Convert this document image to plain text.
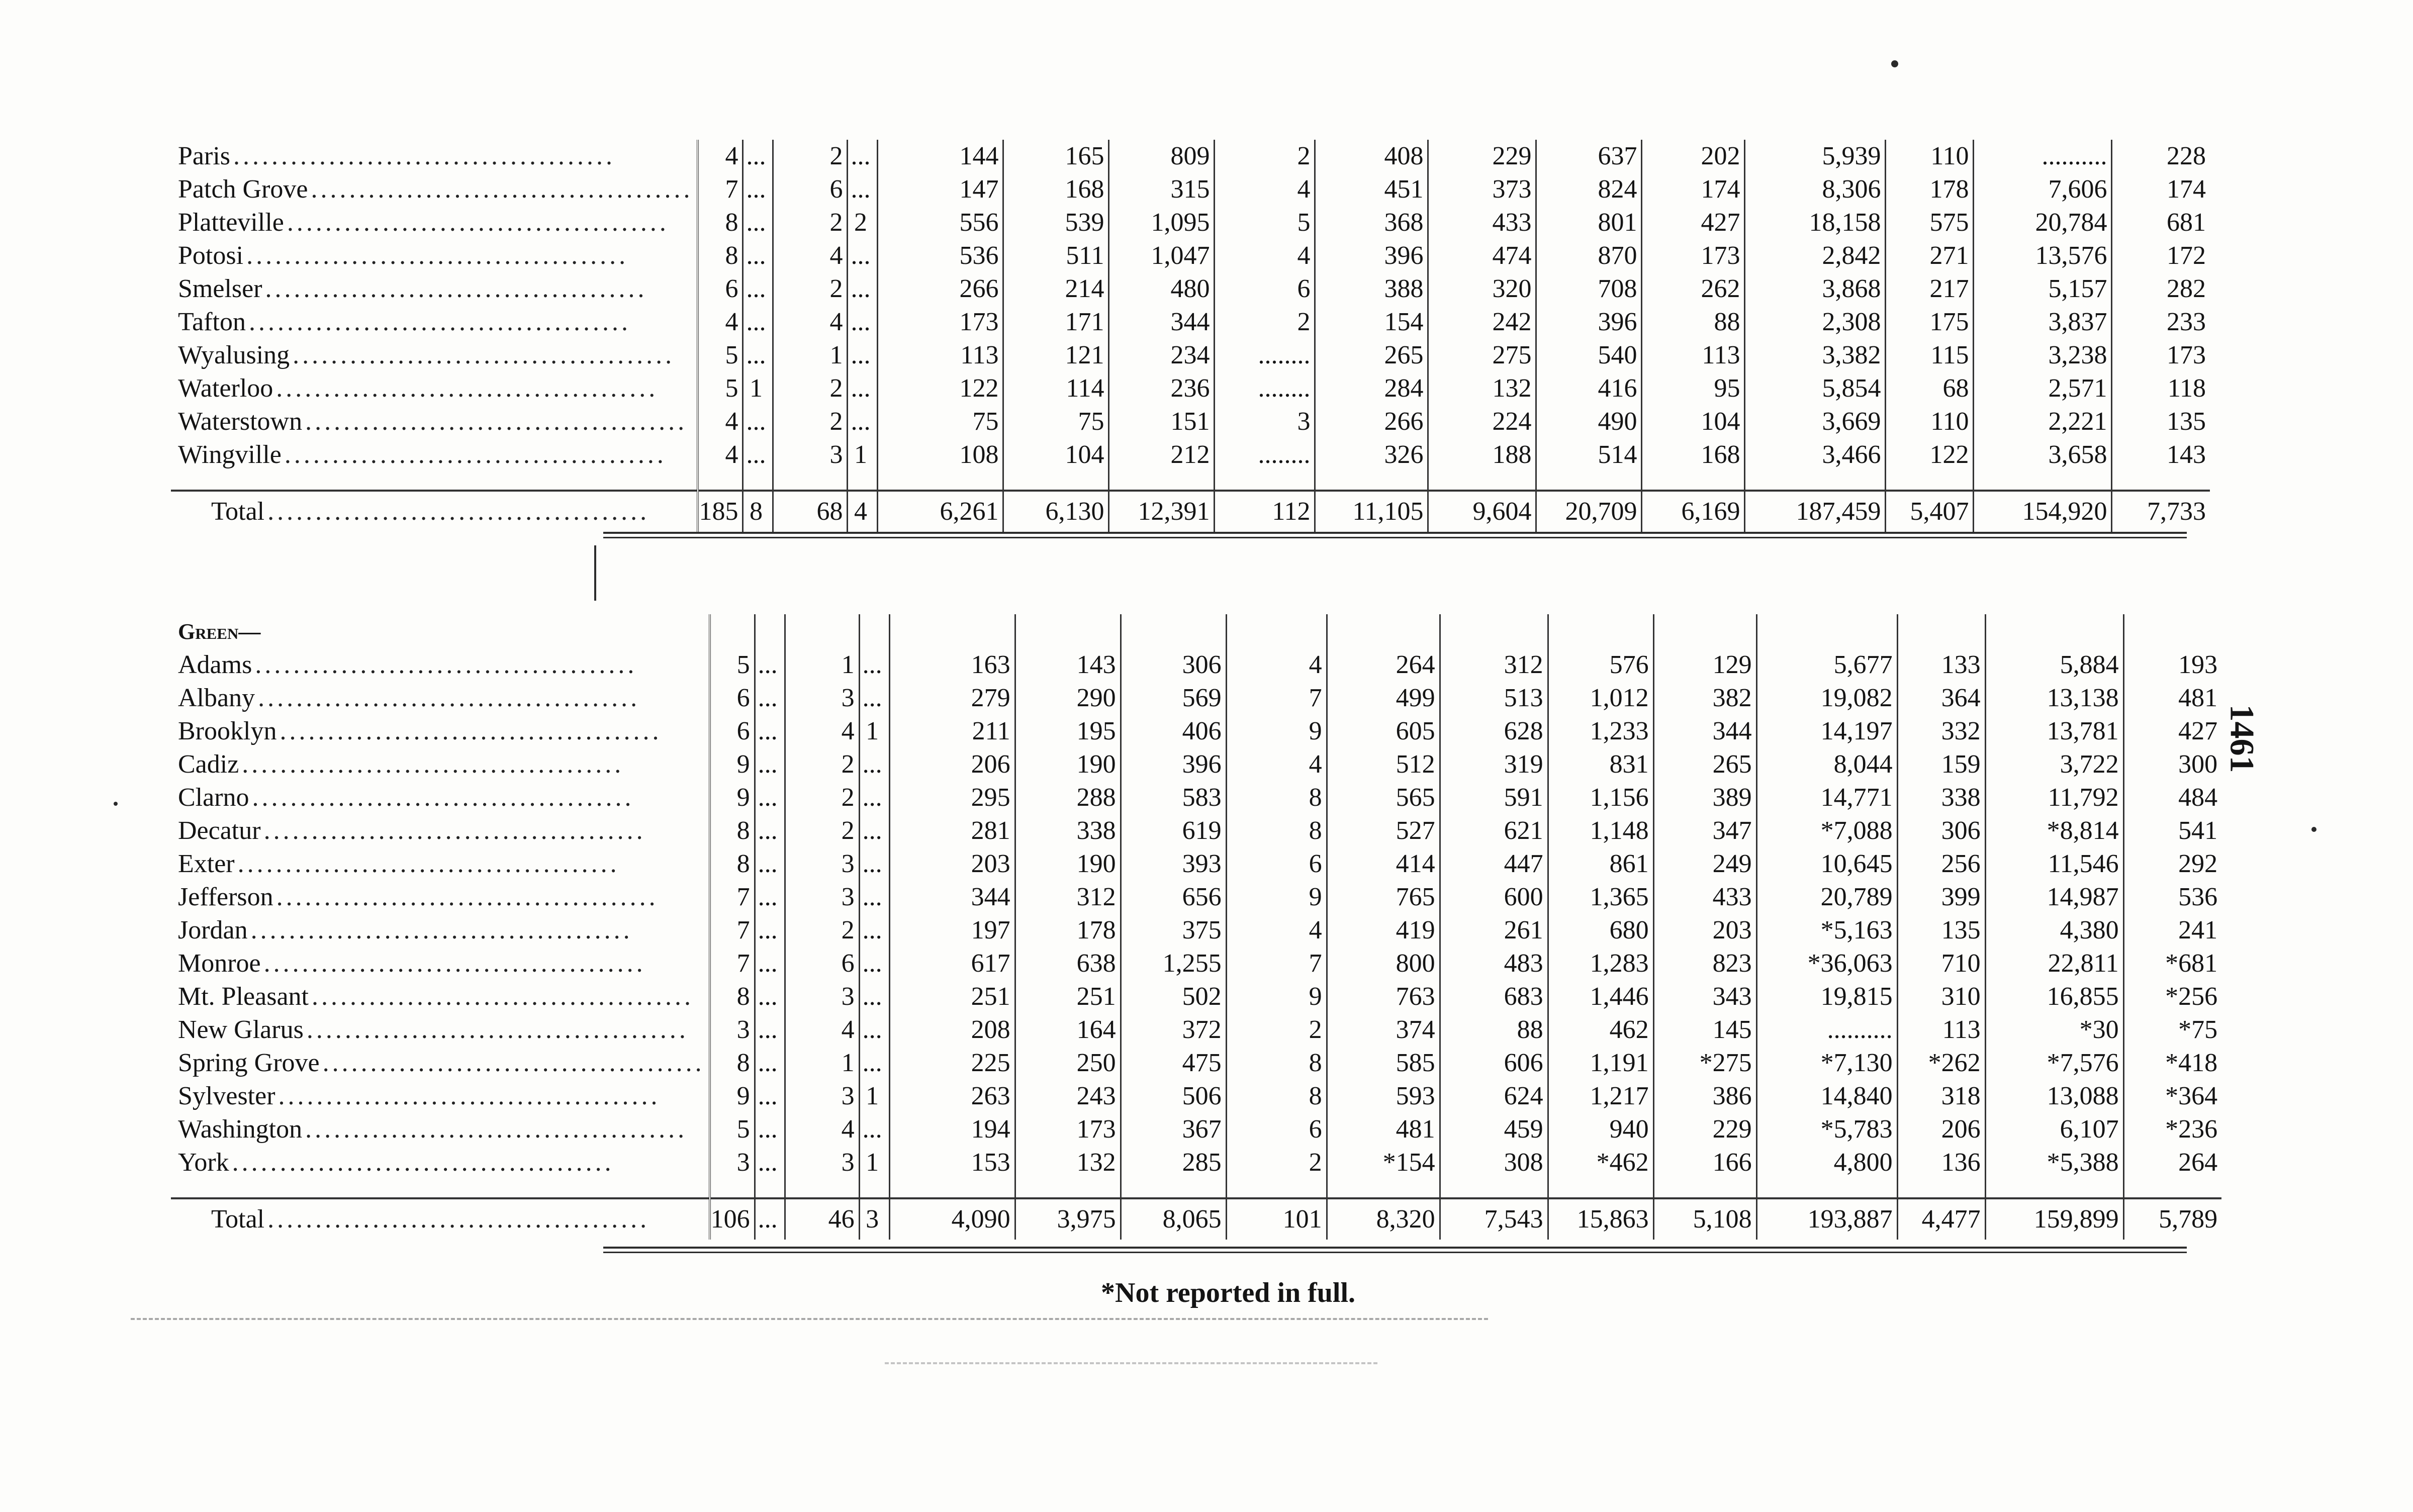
Paris ........................................	4	...	2	...	144	165	809	2	408	229	637	202	5,939	110	..........	228
Patch Grove ........................................	7	...	6	...	147	168	315	4	451	373	824	174	8,306	178	7,606	174
Platteville ........................................	8	...	2	2	556	539	1,095	5	368	433	801	427	18,158	575	20,784	681
Potosi ........................................	8	...	4	...	536	511	1,047	4	396	474	870	173	2,842	271	13,576	172
Smelser ........................................	6	...	2	...	266	214	480	6	388	320	708	262	3,868	217	5,157	282
Tafton ........................................	4	...	4	...	173	171	344	2	154	242	396	88	2,308	175	3,837	233
Wyalusing ........................................	5	...	1	...	113	121	234	........	265	275	540	113	3,382	115	3,238	173
Waterloo ........................................	5	1	2	...	122	114	236	........	284	132	416	95	5,854	68	2,571	118
Waterstown ........................................	4	...	2	...	75	75	151	3	266	224	490	104	3,669	110	2,221	135
Wingville ........................................	4	...	3	1	108	104	212	........	326	188	514	168	3,466	122	3,658	143

Total ........................................	185	8	68	4	6,261	6,130	12,391	112	11,105	9,604	20,709	6,169	187,459	5,407	154,920	7,733
Green—																
Adams ........................................	5	...	1	...	163	143	306	4	264	312	576	129	5,677	133	5,884	193
Albany ........................................	6	...	3	...	279	290	569	7	499	513	1,012	382	19,082	364	13,138	481
Brooklyn ........................................	6	...	4	1	211	195	406	9	605	628	1,233	344	14,197	332	13,781	427
Cadiz ........................................	9	...	2	...	206	190	396	4	512	319	831	265	8,044	159	3,722	300
Clarno ........................................	9	...	2	...	295	288	583	8	565	591	1,156	389	14,771	338	11,792	484
Decatur ........................................	8	...	2	...	281	338	619	8	527	621	1,148	347	*7,088	306	*8,814	541
Exter ........................................	8	...	3	...	203	190	393	6	414	447	861	249	10,645	256	11,546	292
Jefferson ........................................	7	...	3	...	344	312	656	9	765	600	1,365	433	20,789	399	14,987	536
Jordan ........................................	7	...	2	...	197	178	375	4	419	261	680	203	*5,163	135	4,380	241
Monroe ........................................	7	...	6	...	617	638	1,255	7	800	483	1,283	823	*36,063	710	22,811	*681
Mt. Pleasant ........................................	8	...	3	...	251	251	502	9	763	683	1,446	343	19,815	310	16,855	*256
New Glarus ........................................	3	...	4	...	208	164	372	2	374	88	462	145	..........	113	*30	*75
Spring Grove ........................................	8	...	1	...	225	250	475	8	585	606	1,191	*275	*7,130	*262	*7,576	*418
Sylvester ........................................	9	...	3	1	263	243	506	8	593	624	1,217	386	14,840	318	13,088	*364
Washington ........................................	5	...	4	...	194	173	367	6	481	459	940	229	*5,783	206	6,107	*236
York ........................................	3	...	3	1	153	132	285	2	*154	308	*462	166	4,800	136	*5,388	264

Total ........................................	106	...	46	3	4,090	3,975	8,065	101	8,320	7,543	15,863	5,108	193,887	4,477	159,899	5,789
1461
*Not reported in full.
